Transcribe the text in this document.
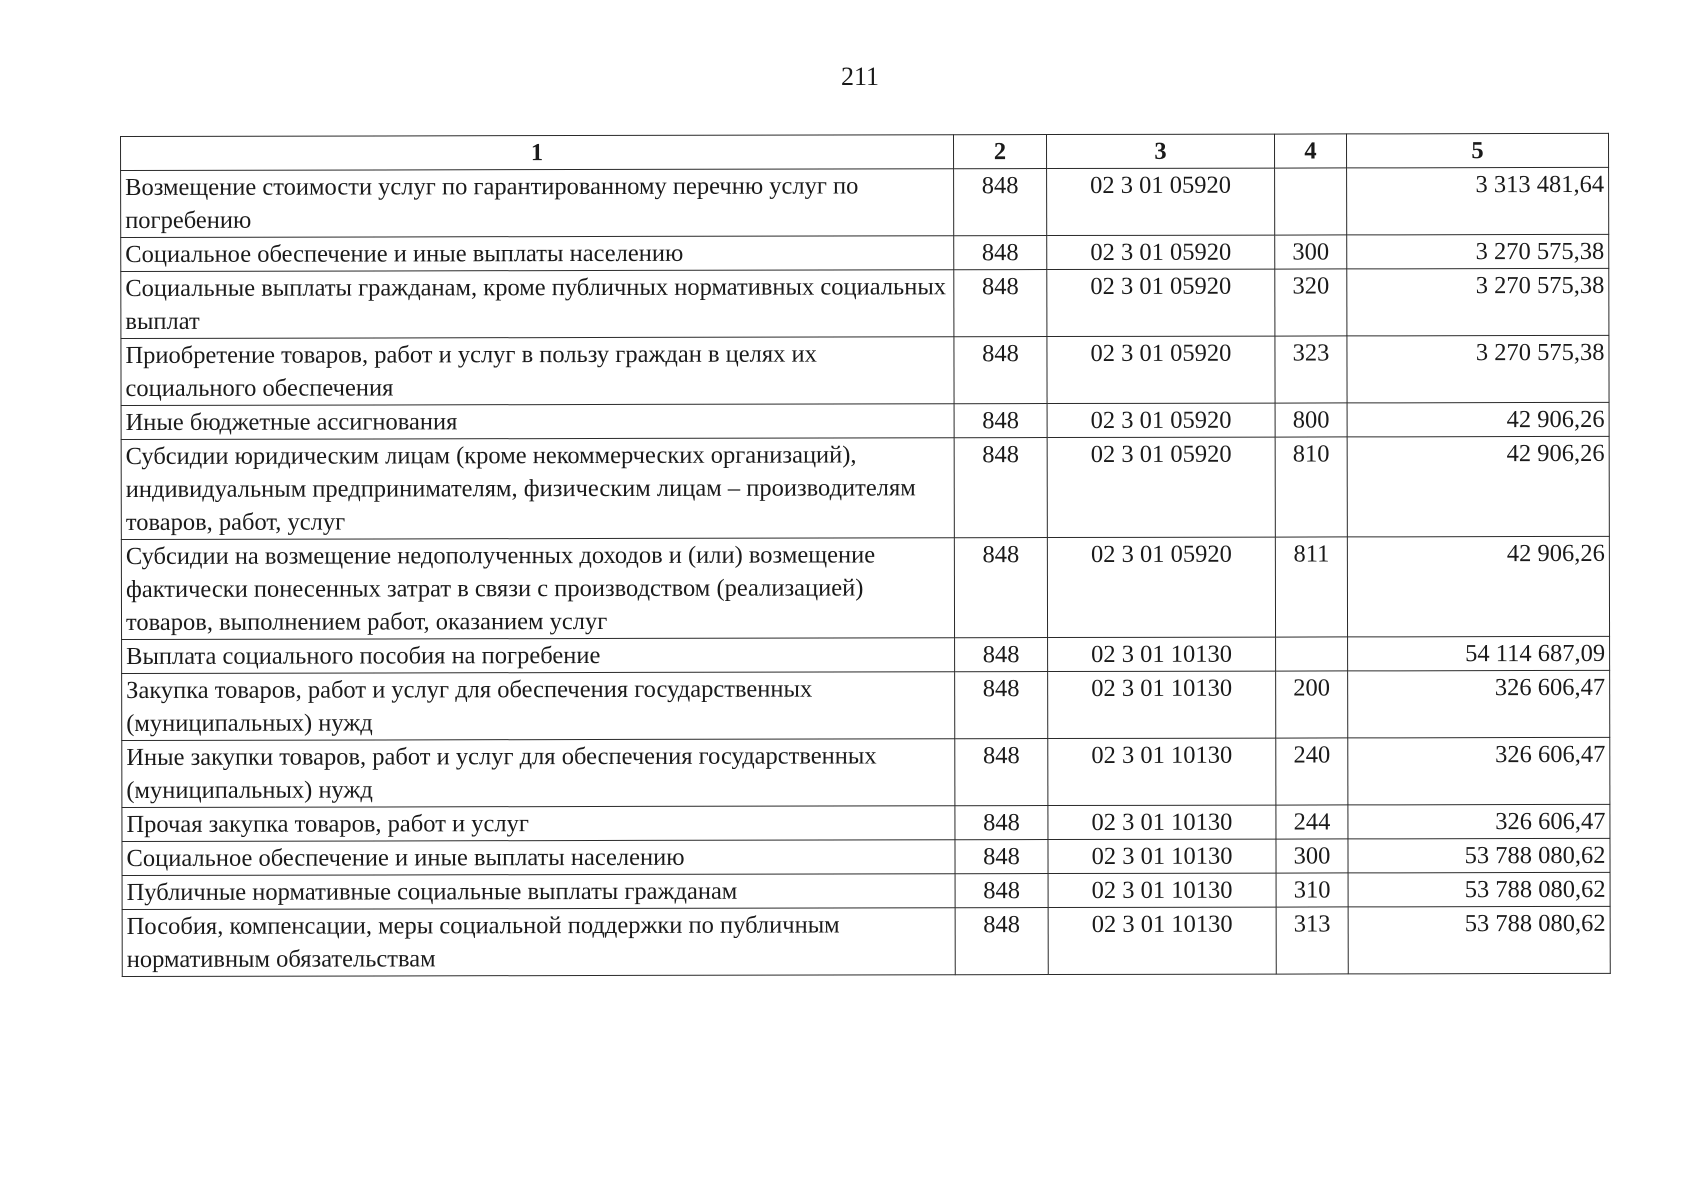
211
1	2	3	4	5
Возмещение стоимости услуг по гарантированному перечню услуг по погребению	848	02 3 01 05920		3 313 481,64
Социальное обеспечение и иные выплаты населению	848	02 3 01 05920	300	3 270 575,38
Социальные выплаты гражданам, кроме публичных нормативных социальных выплат	848	02 3 01 05920	320	3 270 575,38
Приобретение товаров, работ и услуг в пользу граждан в целях их социального обеспечения	848	02 3 01 05920	323	3 270 575,38
Иные бюджетные ассигнования	848	02 3 01 05920	800	42 906,26
Субсидии юридическим лицам (кроме некоммерческих организаций), индивидуальным предпринимателям, физическим лицам – производителям товаров, работ, услуг	848	02 3 01 05920	810	42 906,26
Субсидии на возмещение недополученных доходов и (или) возмещение фактически понесенных затрат в связи с производством (реализацией) товаров, выполнением работ, оказанием услуг	848	02 3 01 05920	811	42 906,26
Выплата социального пособия на погребение	848	02 3 01 10130		54 114 687,09
Закупка товаров, работ и услуг для обеспечения государственных (муниципальных) нужд	848	02 3 01 10130	200	326 606,47
Иные закупки товаров, работ и услуг для обеспечения государственных (муниципальных) нужд	848	02 3 01 10130	240	326 606,47
Прочая закупка товаров, работ и услуг	848	02 3 01 10130	244	326 606,47
Социальное обеспечение и иные выплаты населению	848	02 3 01 10130	300	53 788 080,62
Публичные нормативные социальные выплаты гражданам	848	02 3 01 10130	310	53 788 080,62
Пособия, компенсации, меры социальной поддержки по публичным нормативным обязательствам	848	02 3 01 10130	313	53 788 080,62
